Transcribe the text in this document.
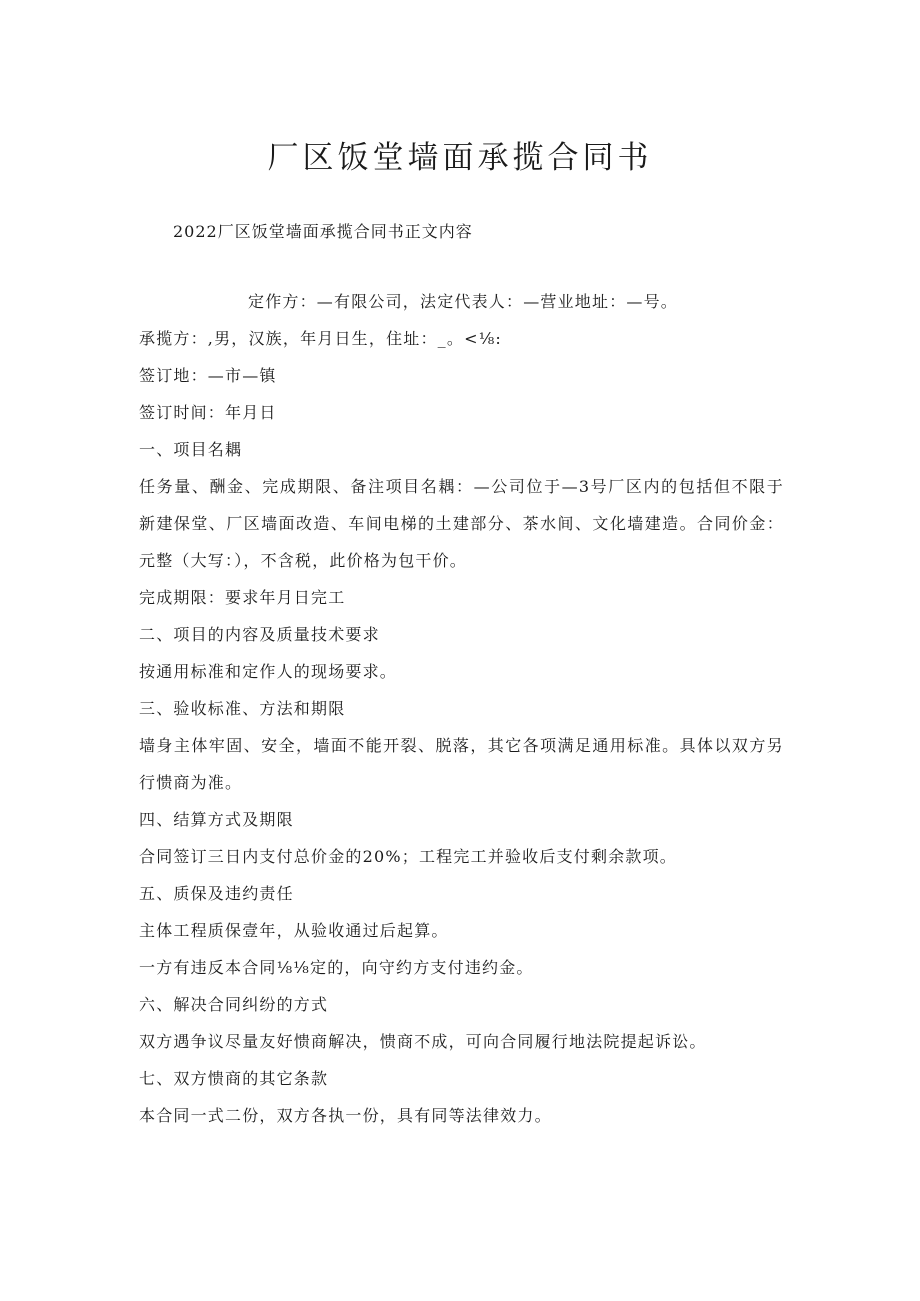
厂区饭堂墙面承揽合同书

2022厂区饭堂墙面承揽合同书正文内容

定作方：—有限公司，法定代表人：—营业地址：—号。

承揽方：,男，汉族，年月日生，住址：_。<⅛:

签订地：—市—镇

签订时间：年月日

一、项目名耦

任务量、酬金、完成期限、备注项目名耦：—公司位于—3号厂区内的包括但不限于新建保堂、厂区墙面改造、车间电梯的土建部分、茶水间、文化墙建造。合同价金：元整（大写：），不含税，此价格为包干价。

完成期限：要求年月日完工

二、项目的内容及质量技术要求

按通用标准和定作人的现场要求。

三、验收标准、方法和期限

墙身主体牢固、安全，墙面不能开裂、脱落，其它各项满足通用标准。具体以双方另行愦商为准。

四、结算方式及期限

合同签订三日内支付总价金的20%；工程完工并验收后支付剩余款项。

五、质保及违约责任

主体工程质保壹年，从验收通过后起算。

一方有违反本合同⅛⅛定的，向守约方支付违约金。

六、解决合同纠纷的方式

双方遇争议尽量友好愦商解决，愦商不成，可向合同履行地法院提起诉讼。

七、双方愦商的其它条款

本合同一式二份，双方各执一份，具有同等法律效力。
